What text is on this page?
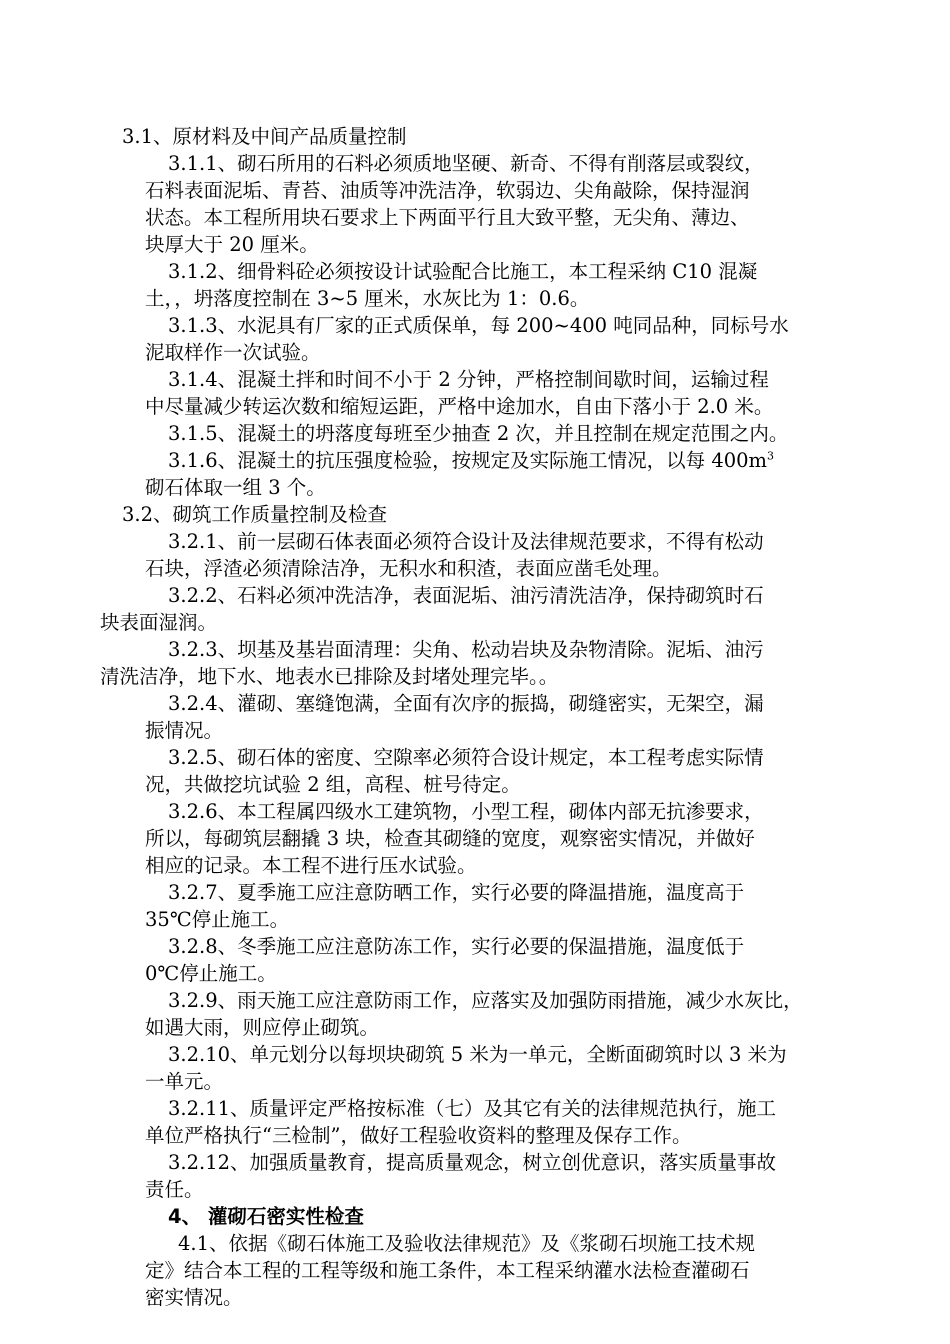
3.1、原材料及中间产品质量控制
3.1.1、砌石所用的石料必须质地坚硬、新奇、不得有削落层或裂纹，
石料表面泥垢、青苔、油质等冲洗洁净，软弱边、尖角敲除，保持湿润
状态。本工程所用块石要求上下两面平行且大致平整，无尖角、薄边、
块厚大于 20 厘米。
3.1.2、细骨料砼必须按设计试验配合比施工，本工程采纳 C10 混凝
土，，坍落度控制在 3~5 厘米，水灰比为 1：0.6。
3.1.3、水泥具有厂家的正式质保单，每 200~400 吨同品种，同标号水
泥取样作一次试验。
3.1.4、混凝土拌和时间不小于 2 分钟，严格控制间歇时间，运输过程
中尽量减少转运次数和缩短运距，严格中途加水，自由下落小于 2.0 米。
3.1.5、混凝土的坍落度每班至少抽查 2 次，并且控制在规定范围之内。
3.1.6、混凝土的抗压强度检验，按规定及实际施工情况，以每 $400m^3$
砌石体取一组 3 个。
3.2、砌筑工作质量控制及检查
3.2.1、前一层砌石体表面必须符合设计及法律规范要求，不得有松动
石块，浮渣必须清除洁净，无积水和积渣，表面应凿毛处理。
3.2.2、石料必须冲洗洁净，表面泥垢、油污清洗洁净，保持砌筑时石
块表面湿润。
3.2.3、坝基及基岩面清理：尖角、松动岩块及杂物清除。泥垢、油污
清洗洁净，地下水、地表水已排除及封堵处理完毕。。
3.2.4、灌砌、塞缝饱满，全面有次序的振捣，砌缝密实，无架空，漏
振情况。
3.2.5、砌石体的密度、空隙率必须符合设计规定，本工程考虑实际情
况，共做挖坑试验 2 组，高程、桩号待定。
3.2.6、本工程属四级水工建筑物，小型工程，砌体内部无抗渗要求，
所以，每砌筑层翻撬 3 块，检查其砌缝的宽度，观察密实情况，并做好
相应的记录。本工程不进行压水试验。
3.2.7、夏季施工应注意防晒工作，实行必要的降温措施，温度高于
35℃停止施工。
3.2.8、冬季施工应注意防冻工作，实行必要的保温措施，温度低于
0℃停止施工。
3.2.9、雨天施工应注意防雨工作，应落实及加强防雨措施，减少水灰比，
如遇大雨，则应停止砌筑。
3.2.10、单元划分以每坝块砌筑 5 米为一单元，全断面砌筑时以 3 米为
一单元。
3.2.11、质量评定严格按标准（七）及其它有关的法律规范执行，施工
单位严格执行“三检制”，做好工程验收资料的整理及保存工作。
3.2.12、加强质量教育，提高质量观念，树立创优意识，落实质量事故
责任。
4、 灌砌石密实性检查
4.1、依据《砌石体施工及验收法律规范》及《浆砌石坝施工技术规
定》结合本工程的工程等级和施工条件，本工程采纳灌水法检查灌砌石
密实情况。
